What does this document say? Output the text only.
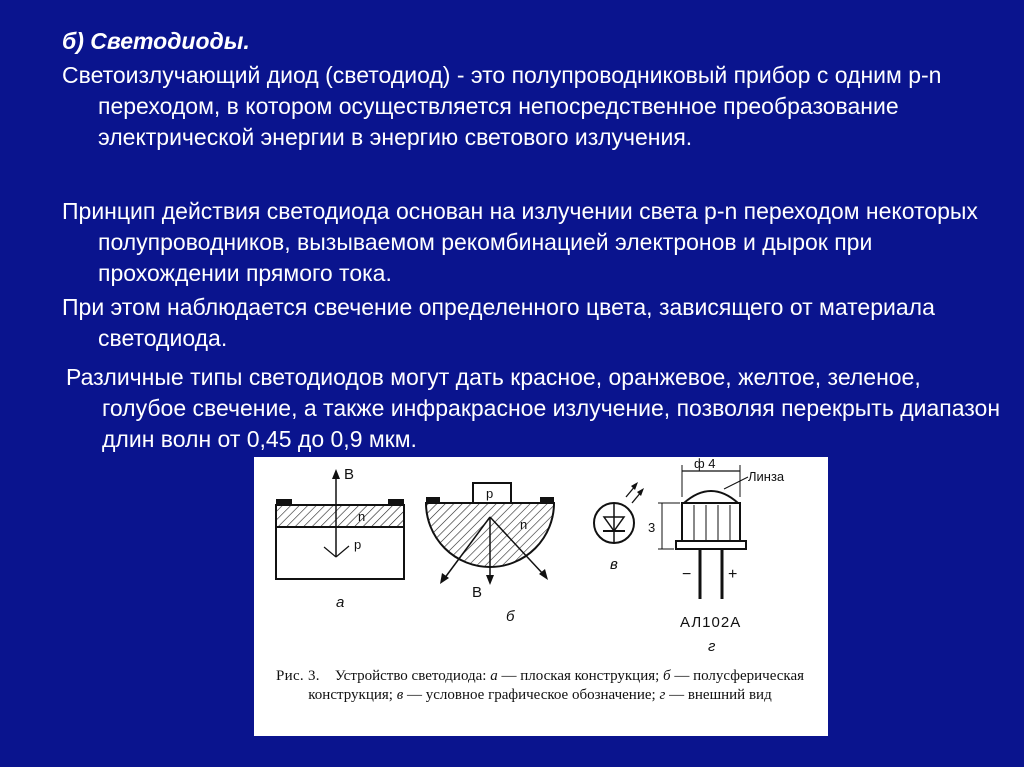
б) Светодиоды.
Светоизлучающий диод (светодиод) - это полупроводниковый прибор с одним p-n переходом, в котором осуществляется непосредственное преобразование электрической энергии в энергию светового излучения.
Принцип действия светодиода основан на излучении света p-n переходом некоторых полупроводников, вызываемом рекомбинацией электронов и дырок при прохождении прямого тока.
При этом наблюдается свечение определенного цвета, зависящего от материала светодиода.
Различные типы светодиодов могут дать красное, оранжевое, желтое, зеленое, голубое свечение, а также инфракрасное излучение, позволяя перекрыть диапазон длин волн от 0,45 до 0,9 мкм.
B
n
p
а
p
n
B
б
в
ф 4
3
Линза
− +
АЛ102А
г
Рис. 3. Устройство светодиода: а — плоская конструкция; б — полусферическая конструкция; в — условное графическое обозначение; г — внешний вид
